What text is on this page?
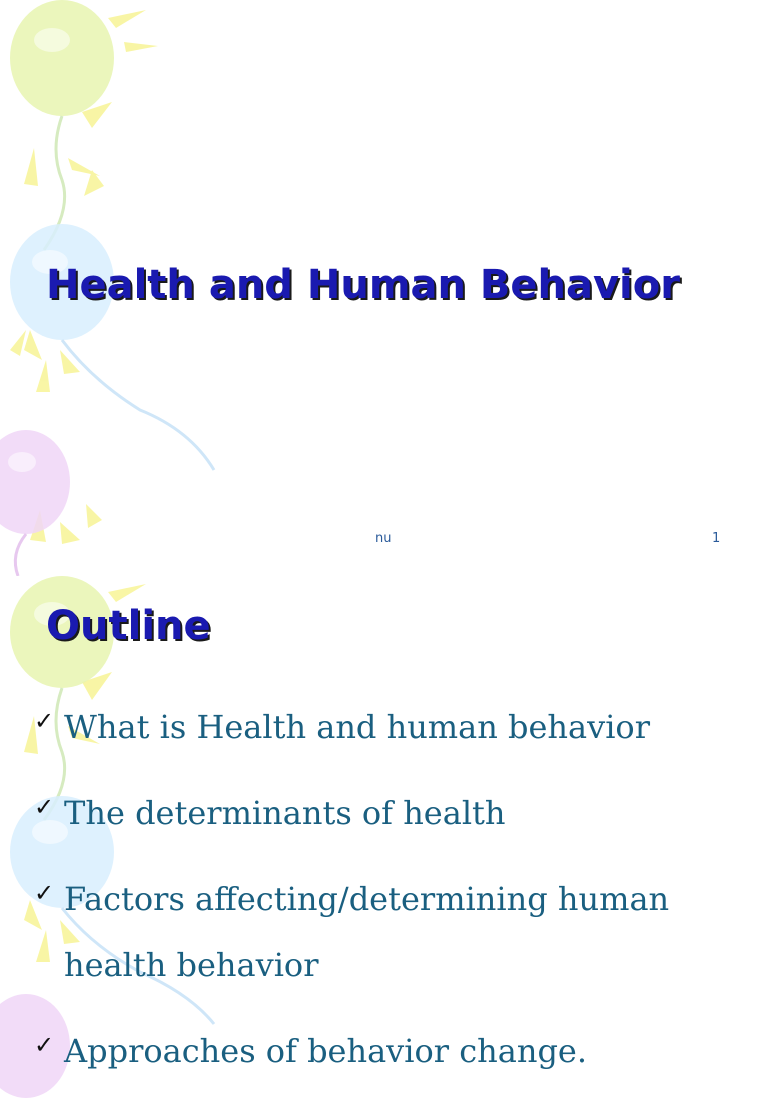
Health and Human Behavior
nu	1
Outline
✓ What is Health and human behavior
✓ The determinants of health
✓ Factors affecting/determining human health behavior
✓ Approaches of behavior change.
